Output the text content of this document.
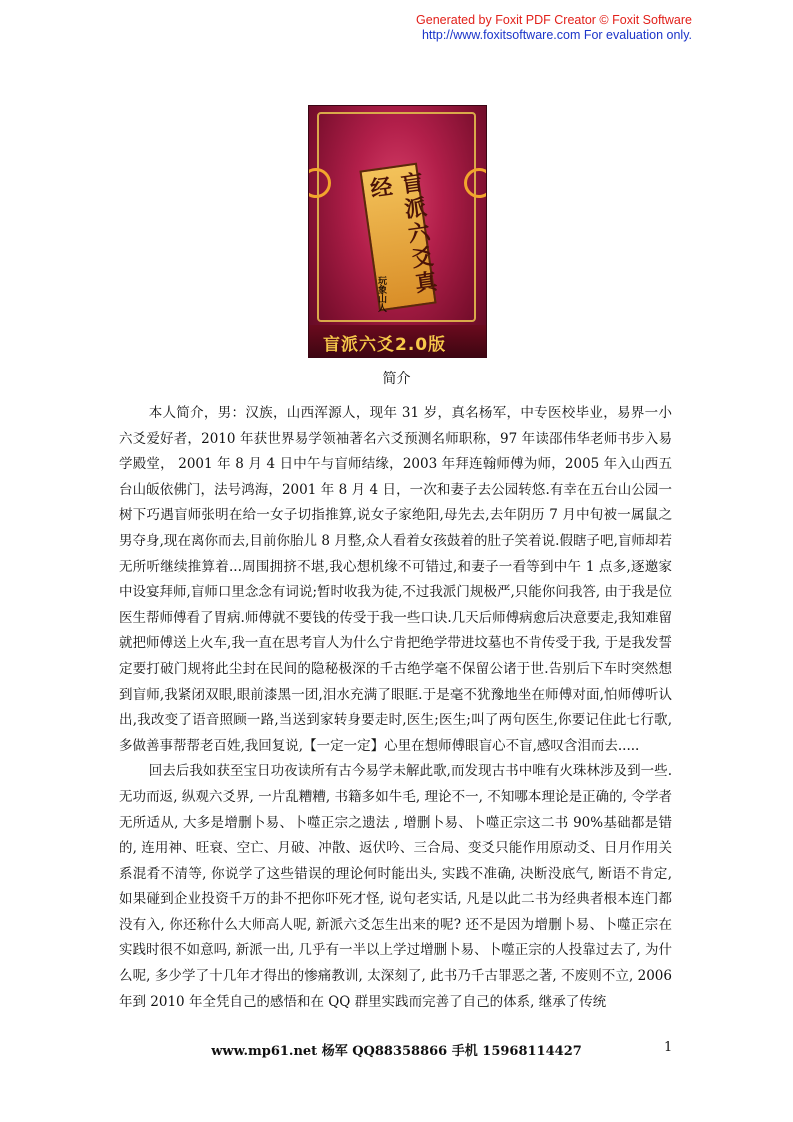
Generated by Foxit PDF Creator © Foxit Software
http://www.foxitsoftware.com For evaluation only.
盲派六爻真经
玩象山人
盲派六爻2.0版
简介

本人简介，男：汉族，山西浑源人，现年 31 岁，真名杨军，中专医校毕业，易界一小六爻爱好者，2010 年获世界易学领袖著名六爻预测名师职称，97 年读邵伟华老师书步入易学殿堂， 2001 年 8 月 4 日中午与盲师结缘，2003 年拜连翰师傅为师，2005 年入山西五台山皈依佛门，法号鸿海，2001 年 8 月 4 日，一次和妻子去公园转悠.有幸在五台山公园一树下巧遇盲师张明在给一女子切指推算,说女子家绝阳,母先去,去年阴历 7 月中旬被一属鼠之男夺身,现在离你而去,目前你胎儿 8 月整,众人看着女孩鼓着的肚子笑着说.假瞎子吧,盲师却若无所听继续推算着...周围拥挤不堪,我心想机缘不可错过,和妻子一看等到中午 1 点多,逐邀家中设宴拜师,盲师口里念念有词说;暂时收我为徒,不过我派门规极严,只能你问我答, 由于我是位医生帮师傅看了胃病.师傅就不要钱的传受于我一些口诀.几天后师傅病愈后决意要走,我知难留就把师傅送上火车,我一直在思考盲人为什么宁肯把绝学带进坟墓也不肯传受于我, 于是我发誓定要打破门规将此尘封在民间的隐秘极深的千古绝学毫不保留公诸于世.告别后下车时突然想到盲师,我紧闭双眼,眼前漆黑一团,泪水充满了眼眶.于是毫不犹豫地坐在师傅对面,怕师傅听认出,我改变了语音照顾一路,当送到家转身要走时,医生;医生;叫了两句医生,你要记住此七行歌, 多做善事帮帮老百姓,我回复说,【一定一定】心里在想师傅眼盲心不盲,感叹含泪而去.....

回去后我如获至宝日功夜读所有古今易学未解此歌,而发现古书中唯有火珠林涉及到一些. 无功而返, 纵观六爻界, 一片乱糟糟, 书籍多如牛毛, 理论不一, 不知哪本理论是正确的, 令学者无所适从, 大多是增删卜易、卜噬正宗之遗法 , 增删卜易、卜噬正宗这二书 90%基础都是错的, 连用神、旺衰、空亡、月破、冲散、返伏吟、三合局、变爻只能作用原动爻、日月作用关系混肴不清等, 你说学了这些错误的理论何时能出头, 实践不准确, 决断没底气, 断语不肯定, 如果碰到企业投资千万的卦不把你吓死才怪, 说句老实话, 凡是以此二书为经典者根本连门都没有入, 你还称什么大师高人呢, 新派六爻怎生出来的呢? 还不是因为增删卜易、卜噬正宗在实践时很不如意吗, 新派一出, 几乎有一半以上学过增删卜易、卜噬正宗的人投靠过去了, 为什么呢, 多少学了十几年才得出的惨痛教训, 太深刻了, 此书乃千古罪恶之著, 不废则不立, 2006 年到 2010 年全凭自己的感悟和在 QQ 群里实践而完善了自己的体系, 继承了传统

www.mp61.net 杨军 QQ88358866 手机 15968114427	1
